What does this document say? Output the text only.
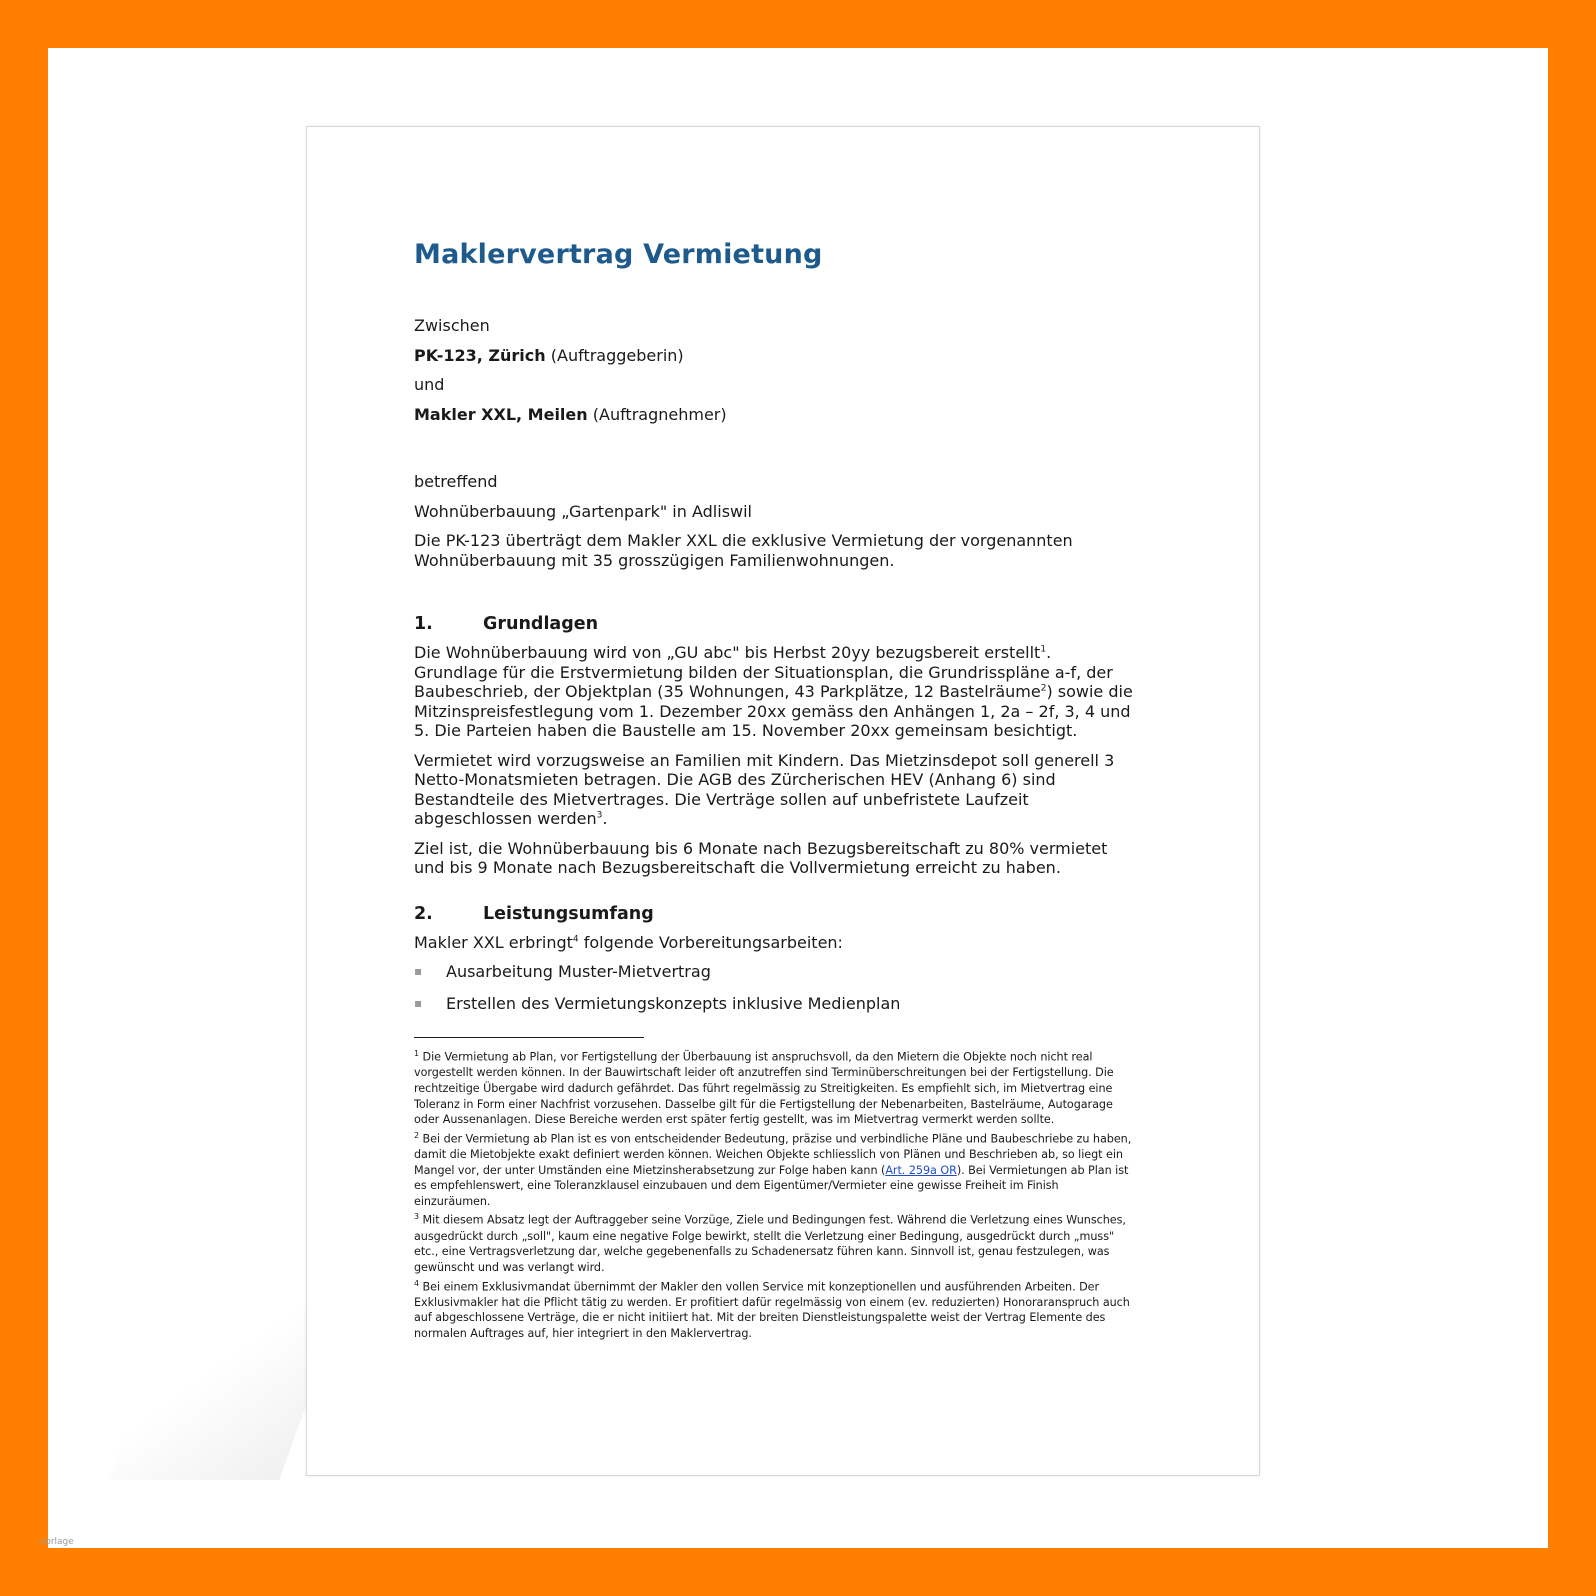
Maklervertrag Vermietung

Zwischen

PK-123, Zürich (Auftraggeberin)

und

Makler XXL, Meilen (Auftragnehmer)

betreffend

Wohnüberbauung „Gartenpark" in Adliswil

Die PK-123 überträgt dem Makler XXL die exklusive Vermietung der vorgenannten Wohnüberbauung mit 35 grosszügigen Familienwohnungen.

1.	Grundlagen

Die Wohnüberbauung wird von „GU abc" bis Herbst 20yy bezugsbereit erstellt$^1$. Grundlage für die Erstvermietung bilden der Situationsplan, die Grundrisspläne a-f, der Baubeschrieb, der Objektplan (35 Wohnungen, 43 Parkplätze, 12 Bastelräume$^2$) sowie die Mitzinspreisfestlegung vom 1. Dezember 20xx gemäss den Anhängen 1, 2a – 2f, 3, 4 und 5. Die Parteien haben die Baustelle am 15. November 20xx gemeinsam besichtigt.

Vermietet wird vorzugsweise an Familien mit Kindern. Das Mietzinsdepot soll generell 3 Netto-Monatsmieten betragen. Die AGB des Zürcherischen HEV (Anhang 6) sind Bestandteile des Mietvertrages. Die Verträge sollen auf unbefristete Laufzeit abgeschlossen werden$^3$.

Ziel ist, die Wohnüberbauung bis 6 Monate nach Bezugsbereitschaft zu 80% vermietet und bis 9 Monate nach Bezugsbereitschaft die Vollvermietung erreicht zu haben.

2.	Leistungsumfang

Makler XXL erbringt$^4$ folgende Vorbereitungsarbeiten:

▪	Ausarbeitung Muster-Mietvertrag
▪	Erstellen des Vermietungskonzepts inklusive Medienplan

$^1$ Die Vermietung ab Plan, vor Fertigstellung der Überbauung ist anspruchsvoll, da den Mietern die Objekte noch nicht real vorgestellt werden können. In der Bauwirtschaft leider oft anzutreffen sind Terminüberschreitungen bei der Fertigstellung. Die rechtzeitige Übergabe wird dadurch gefährdet. Das führt regelmässig zu Streitigkeiten. Es empfiehlt sich, im Mietvertrag eine Toleranz in Form einer Nachfrist vorzusehen. Dasselbe gilt für die Fertigstellung der Nebenarbeiten, Bastelräume, Autogarage oder Aussenanlagen. Diese Bereiche werden erst später fertig gestellt, was im Mietvertrag vermerkt werden sollte.

$^2$ Bei der Vermietung ab Plan ist es von entscheidender Bedeutung, präzise und verbindliche Pläne und Baubeschriebe zu haben, damit die Mietobjekte exakt definiert werden können. Weichen Objekte schliesslich von Plänen und Beschrieben ab, so liegt ein Mangel vor, der unter Umständen eine Mietzinsherabsetzung zur Folge haben kann (Art. 259a OR). Bei Vermietungen ab Plan ist es empfehlenswert, eine Toleranzklausel einzubauen und dem Eigentümer/Vermieter eine gewisse Freiheit im Finish einzuräumen.

$^3$ Mit diesem Absatz legt der Auftraggeber seine Vorzüge, Ziele und Bedingungen fest. Während die Verletzung eines Wunsches, ausgedrückt durch „soll", kaum eine negative Folge bewirkt, stellt die Verletzung einer Bedingung, ausgedrückt durch „muss" etc., eine Vertragsverletzung dar, welche gegebenenfalls zu Schadenersatz führen kann. Sinnvoll ist, genau festzulegen, was gewünscht und was verlangt wird.

$^4$ Bei einem Exklusivmandat übernimmt der Makler den vollen Service mit konzeptionellen und ausführenden Arbeiten. Der Exklusivmakler hat die Pflicht tätig zu werden. Er profitiert dafür regelmässig von einem (ev. reduzierten) Honoraranspruch auch auf abgeschlossene Verträge, die er nicht initiiert hat. Mit der breiten Dienstleistungspalette weist der Vertrag Elemente des normalen Auftrages auf, hier integriert in den Maklervertrag.

vorlage
